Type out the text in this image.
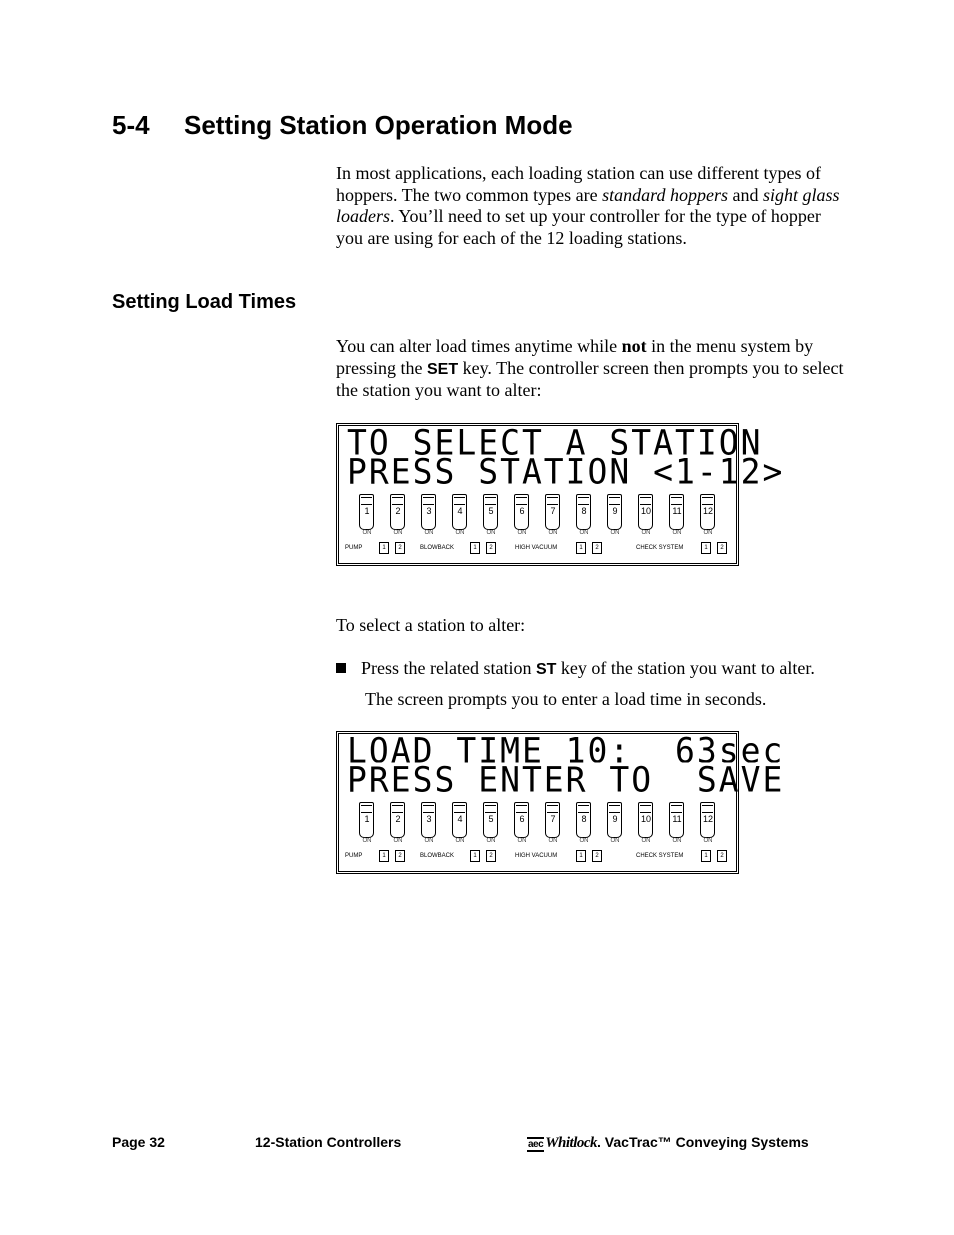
5-4 Setting Station Operation Mode
In most applications, each loading station can use different types of hoppers. The two common types are standard hoppers and sight glass loaders. You’ll need to set up your controller for the type of hopper you are using for each of the 12 loading stations.
Setting Load Times
You can alter load times anytime while not in the menu system by pressing the SET key. The controller screen then prompts you to select the station you want to alter:
TO SELECT A STATION
PRESS STATION <1-12>
1
ON
2
ON
3
ON
4
ON
5
ON
6
ON
7
ON
8
ON
9
ON
10
ON
11
ON
12
ON
PUMP	1	2	BLOWBACK	1	2	HIGH VACUUM	1	2	CHECK SYSTEM	1	2
To select a station to alter:
Press the related station ST key of the station you want to alter.
The screen prompts you to enter a load time in seconds.
LOAD TIME 10:  63sec
PRESS ENTER TO  SAVE
1
ON
2
ON
3
ON
4
ON
5
ON
6
ON
7
ON
8
ON
9
ON
10
ON
11
ON
12
ON
PUMP	1	2	BLOWBACK	1	2	HIGH VACUUM	1	2	CHECK SYSTEM	1	2
Page 32	12-Station Controllers	aec Whitlock. VacTrac™ Conveying Systems
